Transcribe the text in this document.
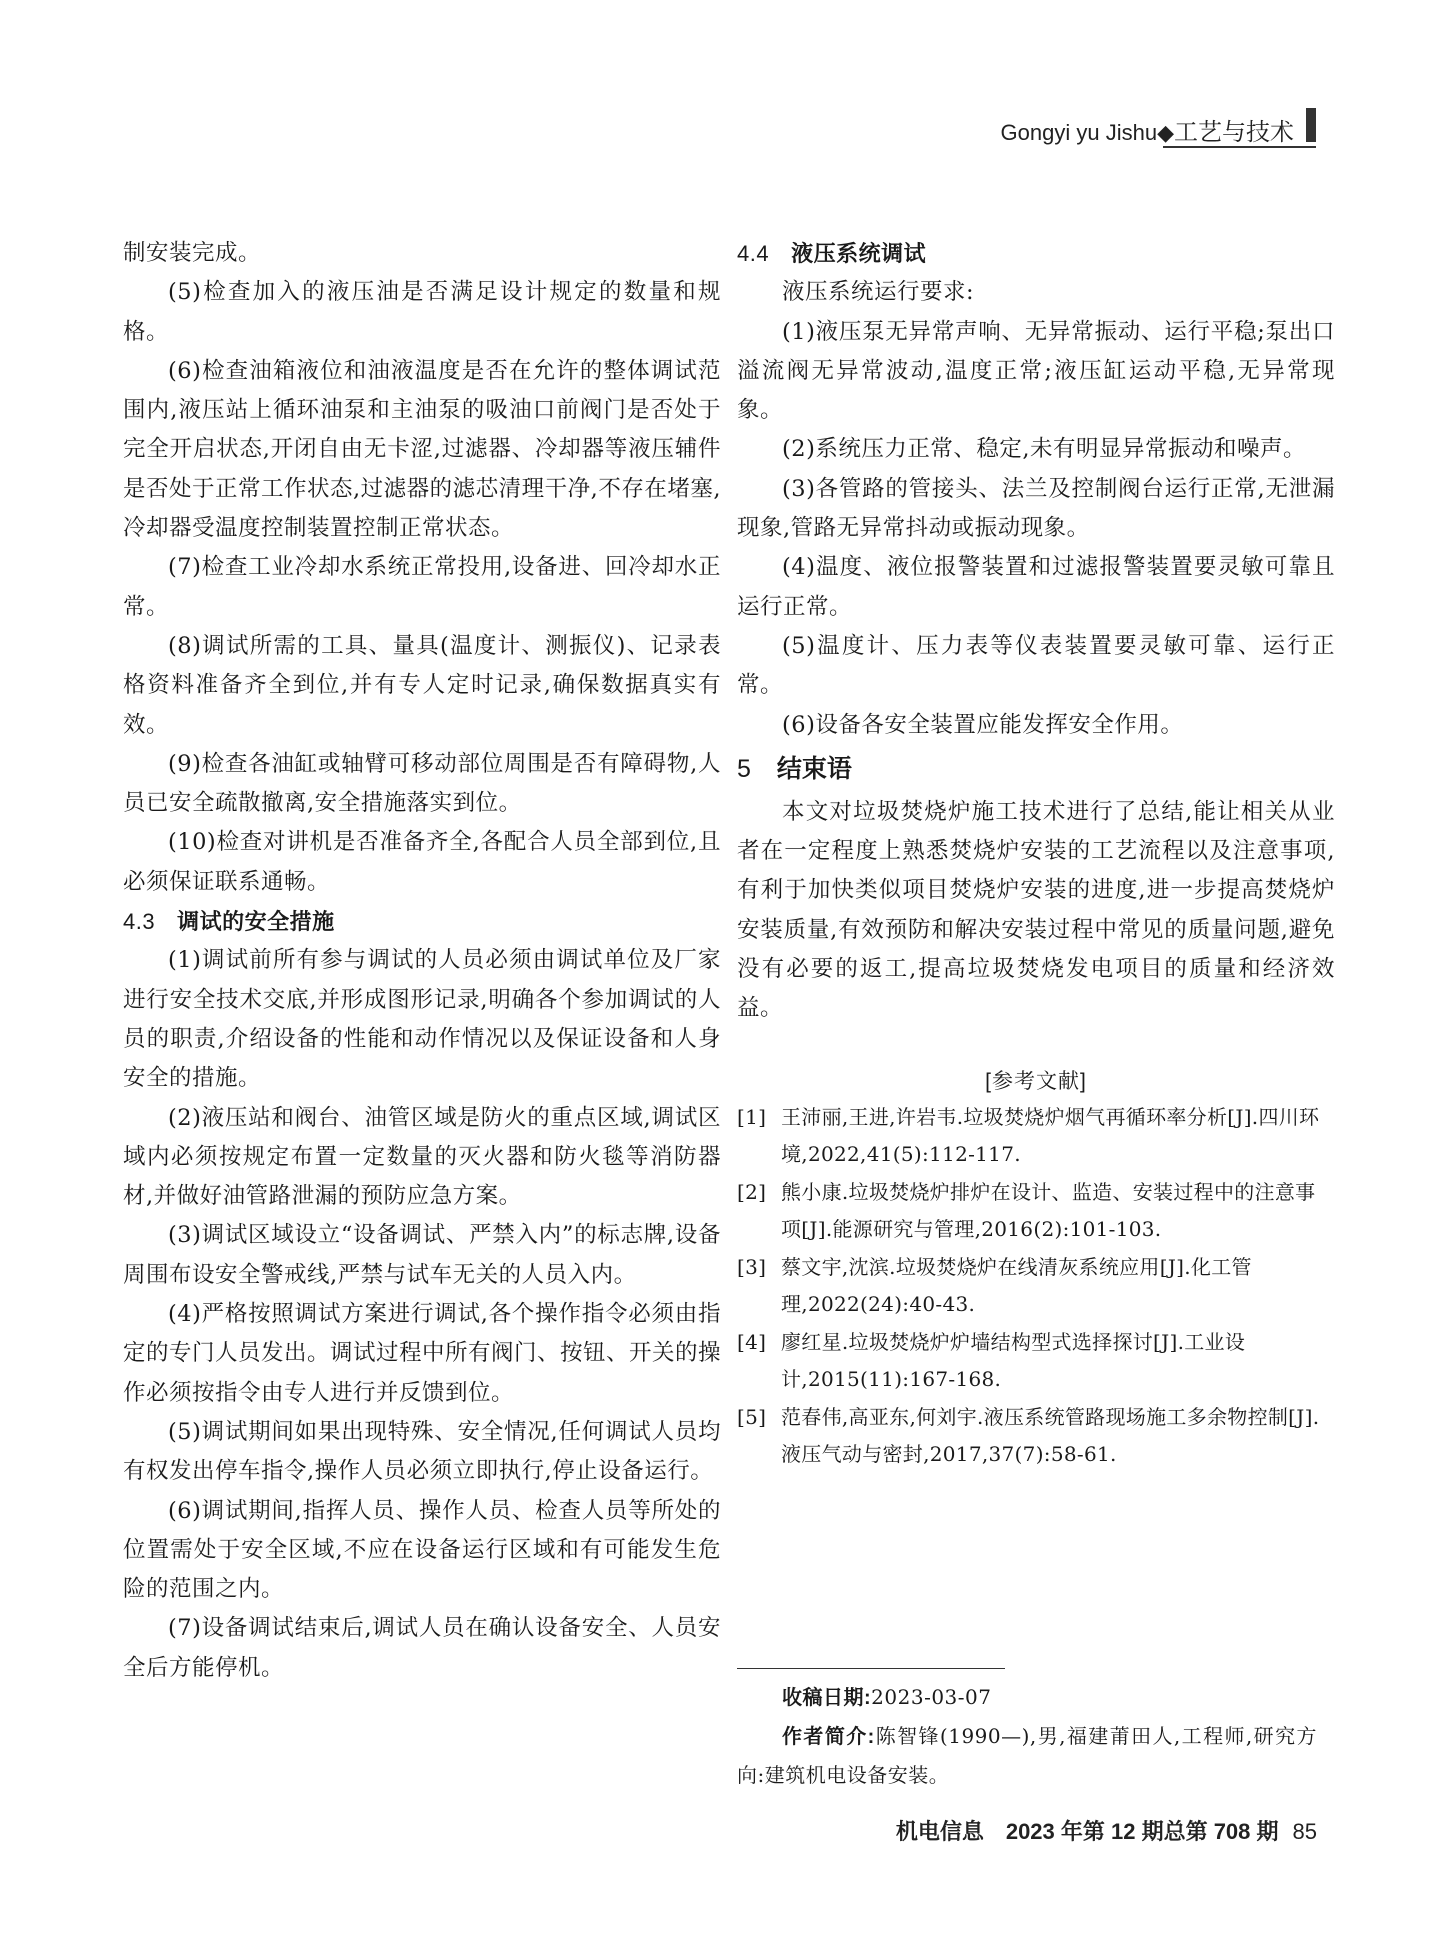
Gongyi yu Jishu◆工艺与技术

制安装完成。

(5)检查加入的液压油是否满足设计规定的数量和规格。

(6)检查油箱液位和油液温度是否在允许的整体调试范围内,液压站上循环油泵和主油泵的吸油口前阀门是否处于完全开启状态,开闭自由无卡涩,过滤器、冷却器等液压辅件是否处于正常工作状态,过滤器的滤芯清理干净,不存在堵塞,冷却器受温度控制装置控制正常状态。

(7)检查工业冷却水系统正常投用,设备进、回冷却水正常。

(8)调试所需的工具、量具(温度计、测振仪)、记录表格资料准备齐全到位,并有专人定时记录,确保数据真实有效。

(9)检查各油缸或轴臂可移动部位周围是否有障碍物,人员已安全疏散撤离,安全措施落实到位。

(10)检查对讲机是否准备齐全,各配合人员全部到位,且必须保证联系通畅。

4.3 调试的安全措施

(1)调试前所有参与调试的人员必须由调试单位及厂家进行安全技术交底,并形成图形记录,明确各个参加调试的人员的职责,介绍设备的性能和动作情况以及保证设备和人身安全的措施。

(2)液压站和阀台、油管区域是防火的重点区域,调试区域内必须按规定布置一定数量的灭火器和防火毯等消防器材,并做好油管路泄漏的预防应急方案。

(3)调试区域设立“设备调试、严禁入内”的标志牌,设备周围布设安全警戒线,严禁与试车无关的人员入内。

(4)严格按照调试方案进行调试,各个操作指令必须由指定的专门人员发出。调试过程中所有阀门、按钮、开关的操作必须按指令由专人进行并反馈到位。

(5)调试期间如果出现特殊、安全情况,任何调试人员均有权发出停车指令,操作人员必须立即执行,停止设备运行。

(6)调试期间,指挥人员、操作人员、检查人员等所处的位置需处于安全区域,不应在设备运行区域和有可能发生危险的范围之内。

(7)设备调试结束后,调试人员在确认设备安全、人员安全后方能停机。

4.4 液压系统调试

液压系统运行要求:

(1)液压泵无异常声响、无异常振动、运行平稳;泵出口溢流阀无异常波动,温度正常;液压缸运动平稳,无异常现象。

(2)系统压力正常、稳定,未有明显异常振动和噪声。

(3)各管路的管接头、法兰及控制阀台运行正常,无泄漏现象,管路无异常抖动或振动现象。

(4)温度、液位报警装置和过滤报警装置要灵敏可靠且运行正常。

(5)温度计、压力表等仪表装置要灵敏可靠、运行正常。

(6)设备各安全装置应能发挥安全作用。

5 结束语

本文对垃圾焚烧炉施工技术进行了总结,能让相关从业者在一定程度上熟悉焚烧炉安装的工艺流程以及注意事项,有利于加快类似项目焚烧炉安装的进度,进一步提高焚烧炉安装质量,有效预防和解决安装过程中常见的质量问题,避免没有必要的返工,提高垃圾焚烧发电项目的质量和经济效益。

[参考文献]
[1] 王沛丽,王进,许岩韦.垃圾焚烧炉烟气再循环率分析[J].四川环境,2022,41(5):112-117.
[2] 熊小康.垃圾焚烧炉排炉在设计、监造、安装过程中的注意事项[J].能源研究与管理,2016(2):101-103.
[3] 蔡文宇,沈滨.垃圾焚烧炉在线清灰系统应用[J].化工管理,2022(24):40-43.
[4] 廖红星.垃圾焚烧炉炉墙结构型式选择探讨[J].工业设计,2015(11):167-168.
[5] 范春伟,高亚东,何刘宇.液压系统管路现场施工多余物控制[J].液压气动与密封,2017,37(7):58-61.

收稿日期:2023-03-07

作者简介:陈智锋(1990—),男,福建莆田人,工程师,研究方向:建筑机电设备安装。

机电信息　2023 年第 12 期总第 708 期 85
